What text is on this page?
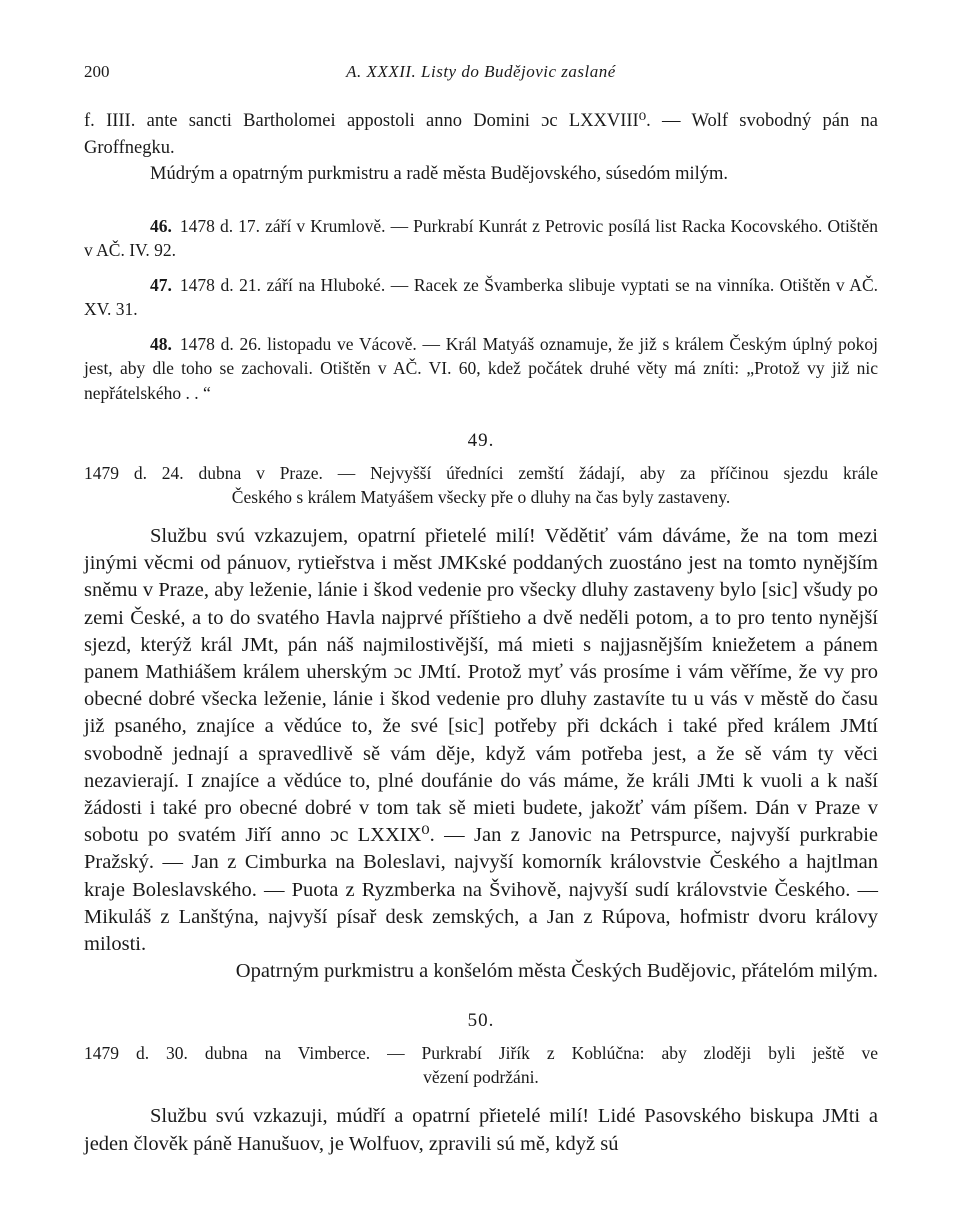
200	A. XXXII. Listy do Budějovic zaslané

f. IIII. ante sancti Bartholomei appostoli anno Domini ɔc LXXVIII⁰. — Wolf svobodný pán na Groffnegku.

Múdrým a opatrným purkmistru a radě města Budějovského, súsedóm milým.

46. 1478 d. 17. září v Krumlově. — Purkrabí Kunrát z Petrovic posílá list Racka Kocovského. Otištěn v AČ. IV. 92.

47. 1478 d. 21. září na Hluboké. — Racek ze Švamberka slibuje vyptati se na vinníka. Otištěn v AČ. XV. 31.

48. 1478 d. 26. listopadu ve Vácově. — Král Matyáš oznamuje, že již s králem Českým úplný pokoj jest, aby dle toho se zachovali. Otištěn v AČ. VI. 60, kdež počátek druhé věty má zníti: „Protož vy již nic nepřátelského . . “

49.
1479 d. 24. dubna v Praze. — Nejvyšší úředníci zemští žádají, aby za příčinou sjezdu krále
Českého s králem Matyášem všecky pře o dluhy na čas byly zastaveny.

Službu svú vzkazujem, opatrní přietelé milí! Vědětiť vám dáváme, že na tom mezi jinými věcmi od pánuov, rytieřstva i měst JMKské poddaných zuostáno jest na tomto nynějším sněmu v Praze, aby leženie, lánie i škod vedenie pro všecky dluhy zastaveny bylo [sic] všudy po zemi České, a to do svatého Havla najprvé příštieho a dvě neděli potom, a to pro tento nynější sjezd, kterýž král JMt, pán náš najmilostivější, má mieti s najjasnějším kniežetem a pánem panem Mathiášem králem uherským ɔc JMtí. Protož myť vás prosíme i vám věříme, že vy pro obecné dobré všecka leženie, lánie i škod vedenie pro dluhy zastavíte tu u vás v městě do času již psaného, znajíce a vědúce to, že své [sic] potřeby při dckách i také před králem JMtí svobodně jednají a spravedlivě sě vám děje, když vám potřeba jest, a že sě vám ty věci nezavierají. I znajíce a vědúce to, plné doufánie do vás máme, že králi JMti k vuoli a k naší žádosti i také pro obecné dobré v tom tak sě mieti budete, jakožť vám píšem. Dán v Praze v sobotu po svatém Jiří anno ɔc LXXIX⁰. — Jan z Janovic na Petrspurce, najvyší purkrabie Pražský. — Jan z Cimburka na Boleslavi, najvyší komorník královstvie Českého a hajtlman kraje Boleslavského. — Puota z Ryzmberka na Švihově, najvyší sudí královstvie Českého. — Mikuláš z Lanštýna, najvyší písař desk zemských, a Jan z Rúpova, hofmistr dvoru královy milosti.

Opatrným purkmistru a konšelóm města Českých Budějovic, přátelóm milým.

50.
1479 d. 30. dubna na Vimberce. — Purkrabí Jiřík z Koblúčna: aby zloději byli ještě ve
vězení podržáni.

Službu svú vzkazuji, múdří a opatrní přietelé milí! Lidé Pasovského biskupa JMti a jeden člověk páně Hanušuov, je Wolfuov, zpravili sú mě, když sú
